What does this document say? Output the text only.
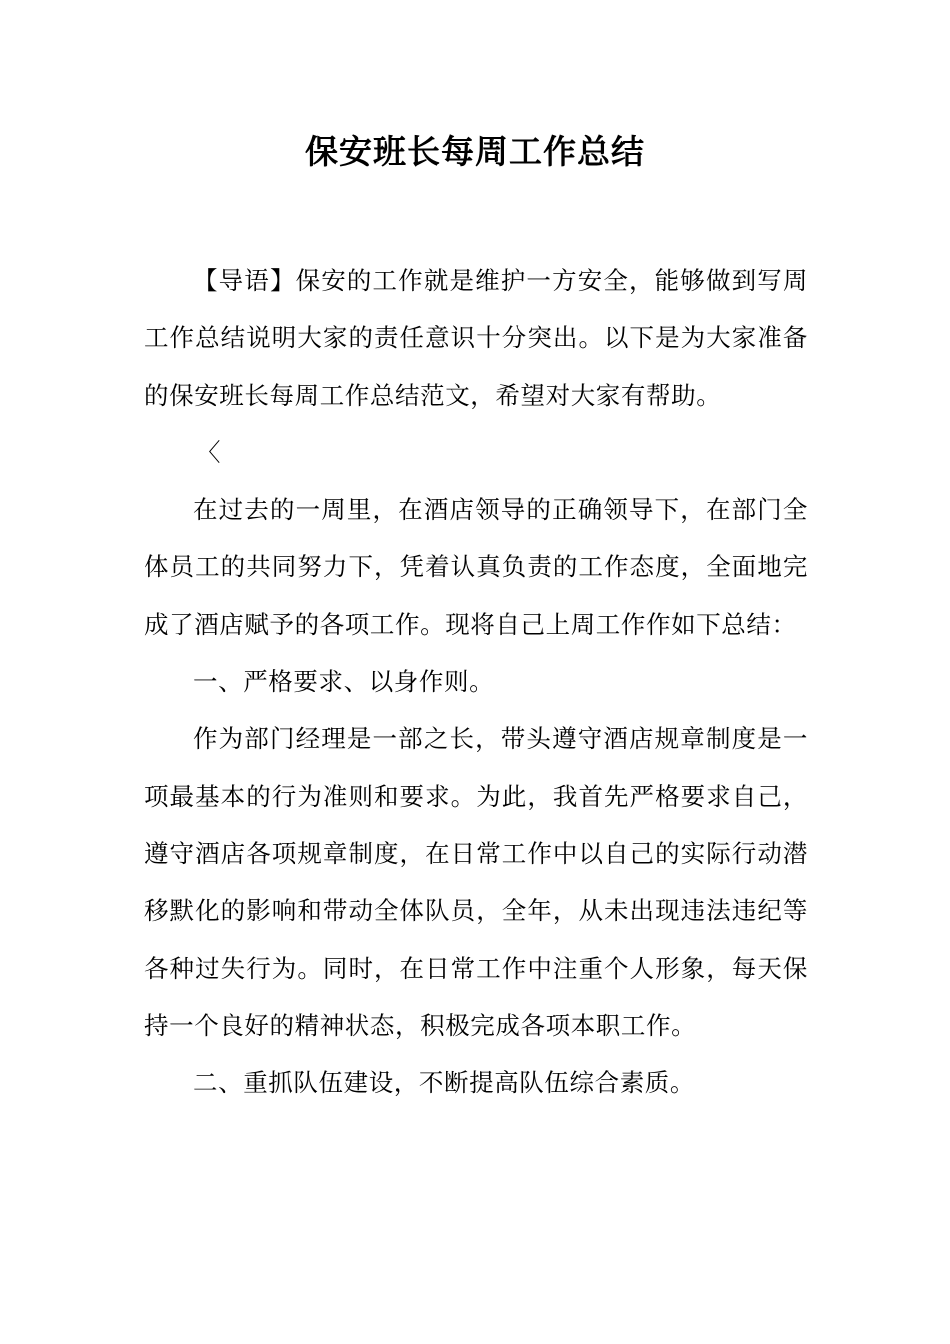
保安班长每周工作总结

【导语】保安的工作就是维护一方安全，能够做到写周工作总结说明大家的责任意识十分突出。以下是为大家准备的保安班长每周工作总结范文，希望对大家有帮助。

〈

在过去的一周里，在酒店领导的正确领导下，在部门全体员工的共同努力下，凭着认真负责的工作态度，全面地完成了酒店赋予的各项工作。现将自己上周工作作如下总结：

一、严格要求、以身作则。

作为部门经理是一部之长，带头遵守酒店规章制度是一项最基本的行为准则和要求。为此，我首先严格要求自己，遵守酒店各项规章制度，在日常工作中以自己的实际行动潜移默化的影响和带动全体队员，全年，从未出现违法违纪等各种过失行为。同时，在日常工作中注重个人形象，每天保持一个良好的精神状态，积极完成各项本职工作。

二、重抓队伍建设，不断提高队伍综合素质。
